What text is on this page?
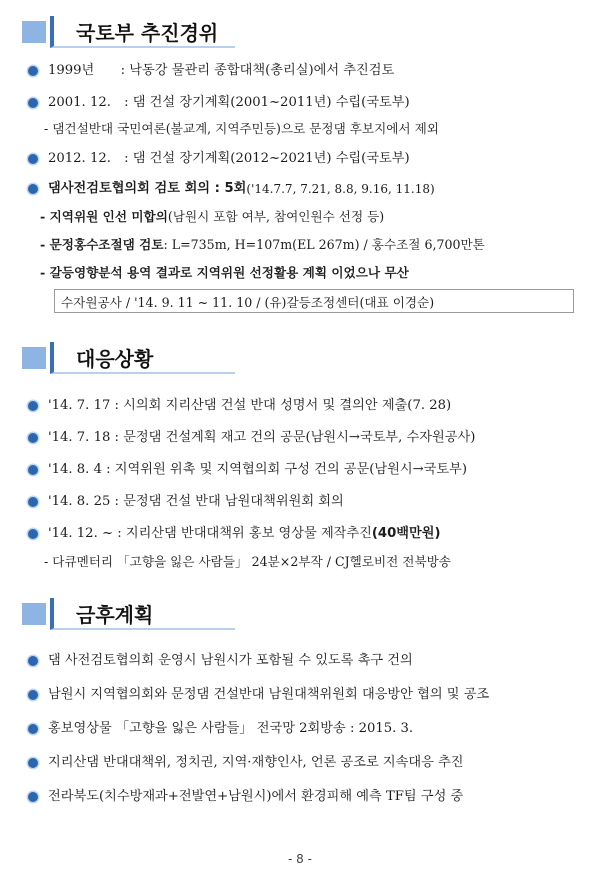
국토부 추진경위
1999년　　: 낙동강 물관리 종합대책(총리실)에서 추진검토
2001. 12.　: 댐 건설 장기계획(2001~2011년) 수립(국토부)
- 댐건설반대 국민여론(불교계, 지역주민등)으로 문정댐 후보지에서 제외
2012. 12.　: 댐 건설 장기계획(2012~2021년) 수립(국토부)
댐사전검토협의회 검토 회의 : 5회 ('14.7.7, 7.21, 8.8, 9.16, 11.18)
- 지역위원 인선 미합의 (남원시 포함 여부, 참여인원수 선정 등)
- 문정홍수조절댐 검토 : L=735m, H=107m(EL 267m) / 홍수조절 6,700만톤
- 갈등영향분석 용역 결과로 지역위원 선정활용 계획 이었으나 무산
수자원공사 / '14. 9. 11 ~ 11. 10 / (유)갈등조정센터(대표 이경순)
대응상황
'14. 7. 17 : 시의회 지리산댐 건설 반대 성명서 및 결의안 제출(7. 28)
'14. 7. 18 : 문정댐 건설계획 재고 건의 공문(남원시→국토부, 수자원공사)
'14. 8. 4 : 지역위원 위촉 및 지역협의회 구성 건의 공문(남원시→국토부)
'14. 8. 25 : 문정댐 건설 반대 남원대책위원회 회의
'14. 12. ~ : 지리산댐 반대대책위 홍보 영상물 제작추진 (40백만원)
- 다큐멘터리 「고향을 잃은 사람들」 24분×2부작 / CJ헬로비전 전북방송
금후계획
댐 사전검토협의회 운영시 남원시가 포함될 수 있도록 촉구 건의
남원시 지역협의회와 문정댐 건설반대 남원대책위원회 대응방안 협의 및 공조
홍보영상물 「고향을 잃은 사람들」 전국망 2회방송 : 2015. 3.
지리산댐 반대대책위, 정치권, 지역·재향인사, 언론 공조로 지속대응 추진
전라북도(치수방재과+전발연+남원시)에서 환경피해 예측 TF팀 구성 중
- 8 -
